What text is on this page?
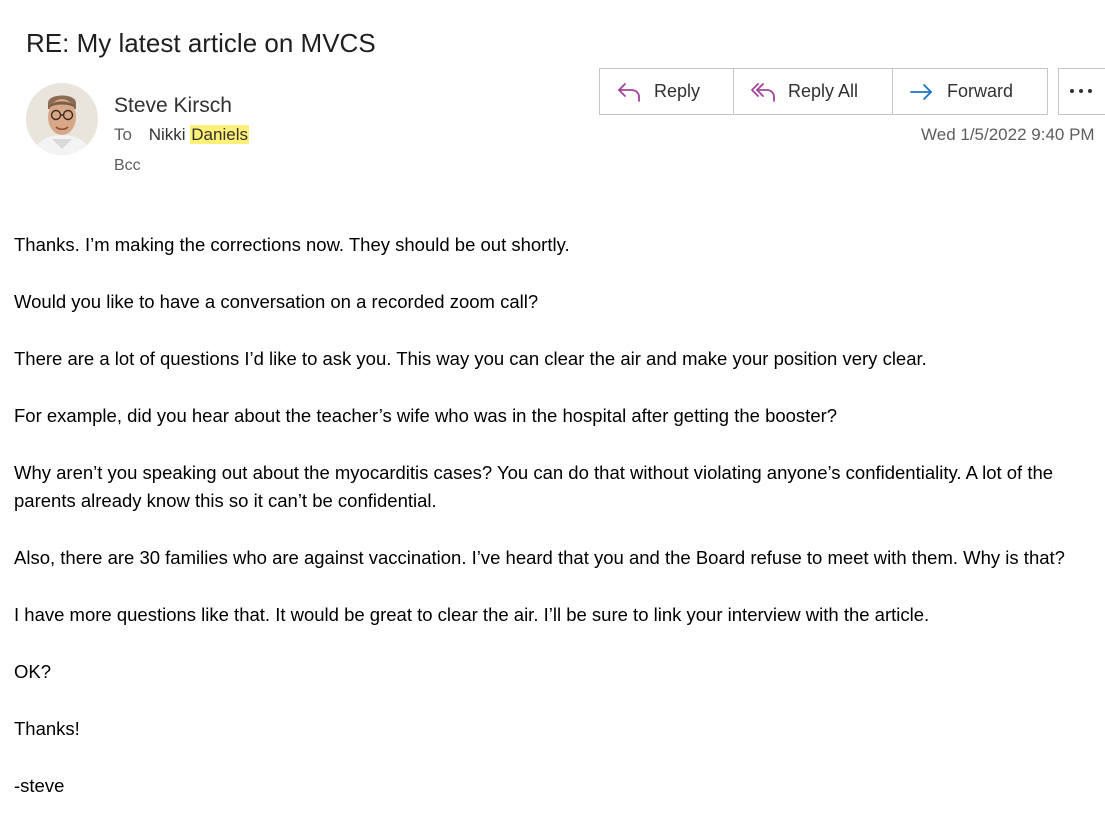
RE: My latest article on MVCS
Steve Kirsch
To Nikki Daniels
Bcc
Reply	Reply All	Forward
Wed 1/5/2022 9:40 PM

Thanks. I’m making the corrections now. They should be out shortly.

Would you like to have a conversation on a recorded zoom call?

There are a lot of questions I’d like to ask you. This way you can clear the air and make your position very clear.

For example, did you hear about the teacher’s wife who was in the hospital after getting the booster?

Why aren’t you speaking out about the myocarditis cases? You can do that without violating anyone’s confidentiality. A lot of the parents already know this so it can’t be confidential.

Also, there are 30 families who are against vaccination. I’ve heard that you and the Board refuse to meet with them. Why is that?

I have more questions like that. It would be great to clear the air. I’ll be sure to link your interview with the article.

OK?

Thanks!

-steve
